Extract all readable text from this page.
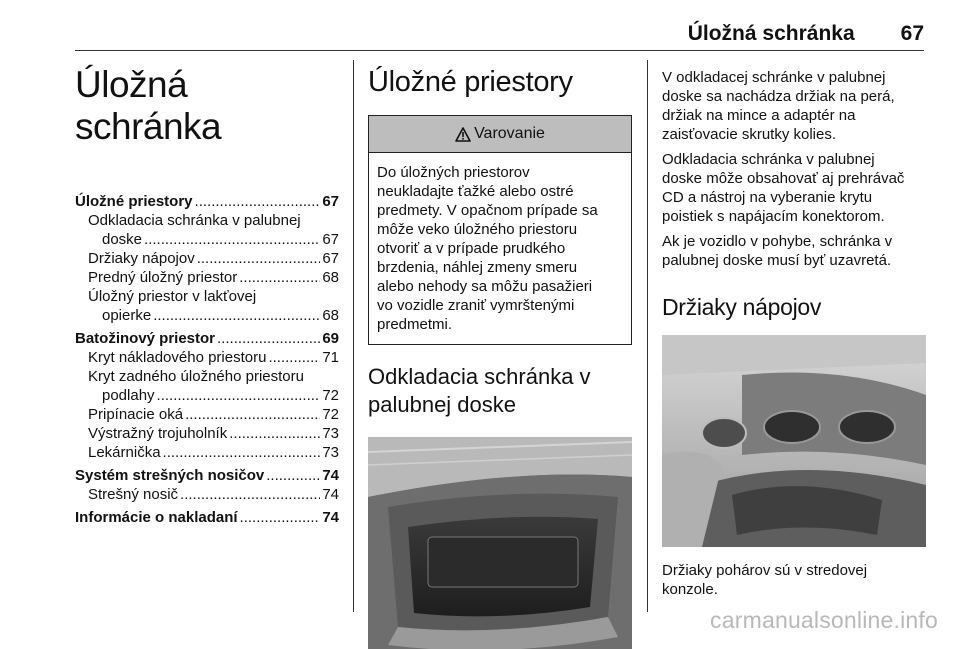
Úložná schránka 67
Úložná schránka
Úložné priestory .....	67
Odkladacia schránka v palubnej
doske .....	67
Držiaky nápojov .....	67
Predný úložný priestor .....	68
Úložný priestor v lakťovej
opierke .....	68
Batožinový priestor .....	69
Kryt nákladového priestoru .....	71
Kryt zadného úložného priestoru
podlahy .....	72
Pripínacie oká .....	72
Výstražný trojuholník .....	73
Lekárnička .....	73
Systém strešných nosičov .....	74
Strešný nosič .....	74
Informácie o nakladaní .....	74
Úložné priestory
Varovanie
Do úložných priestorov
neukladajte ťažké alebo ostré
predmety. V opačnom prípade sa
môže veko úložného priestoru
otvoriť a v prípade prudkého
brzdenia, náhlej zmeny smeru
alebo nehody sa môžu pasažieri
vo vozidle zraniť vymrštenými
predmetmi.
Odkladacia schránka v
palubnej doske

V odkladacej schránke v palubnej
doske sa nachádza držiak na perá,
držiak na mince a adaptér na
zaisťovacie skrutky kolies.

Odkladacia schránka v palubnej
doske môže obsahovať aj prehrávač
CD a nástroj na vyberanie krytu
poistiek s napájacím konektorom.

Ak je vozidlo v pohybe, schránka v
palubnej doske musí byť uzavretá.

Držiaky nápojov

Držiaky pohárov sú v stredovej
konzole.

carmanualsonline.info
